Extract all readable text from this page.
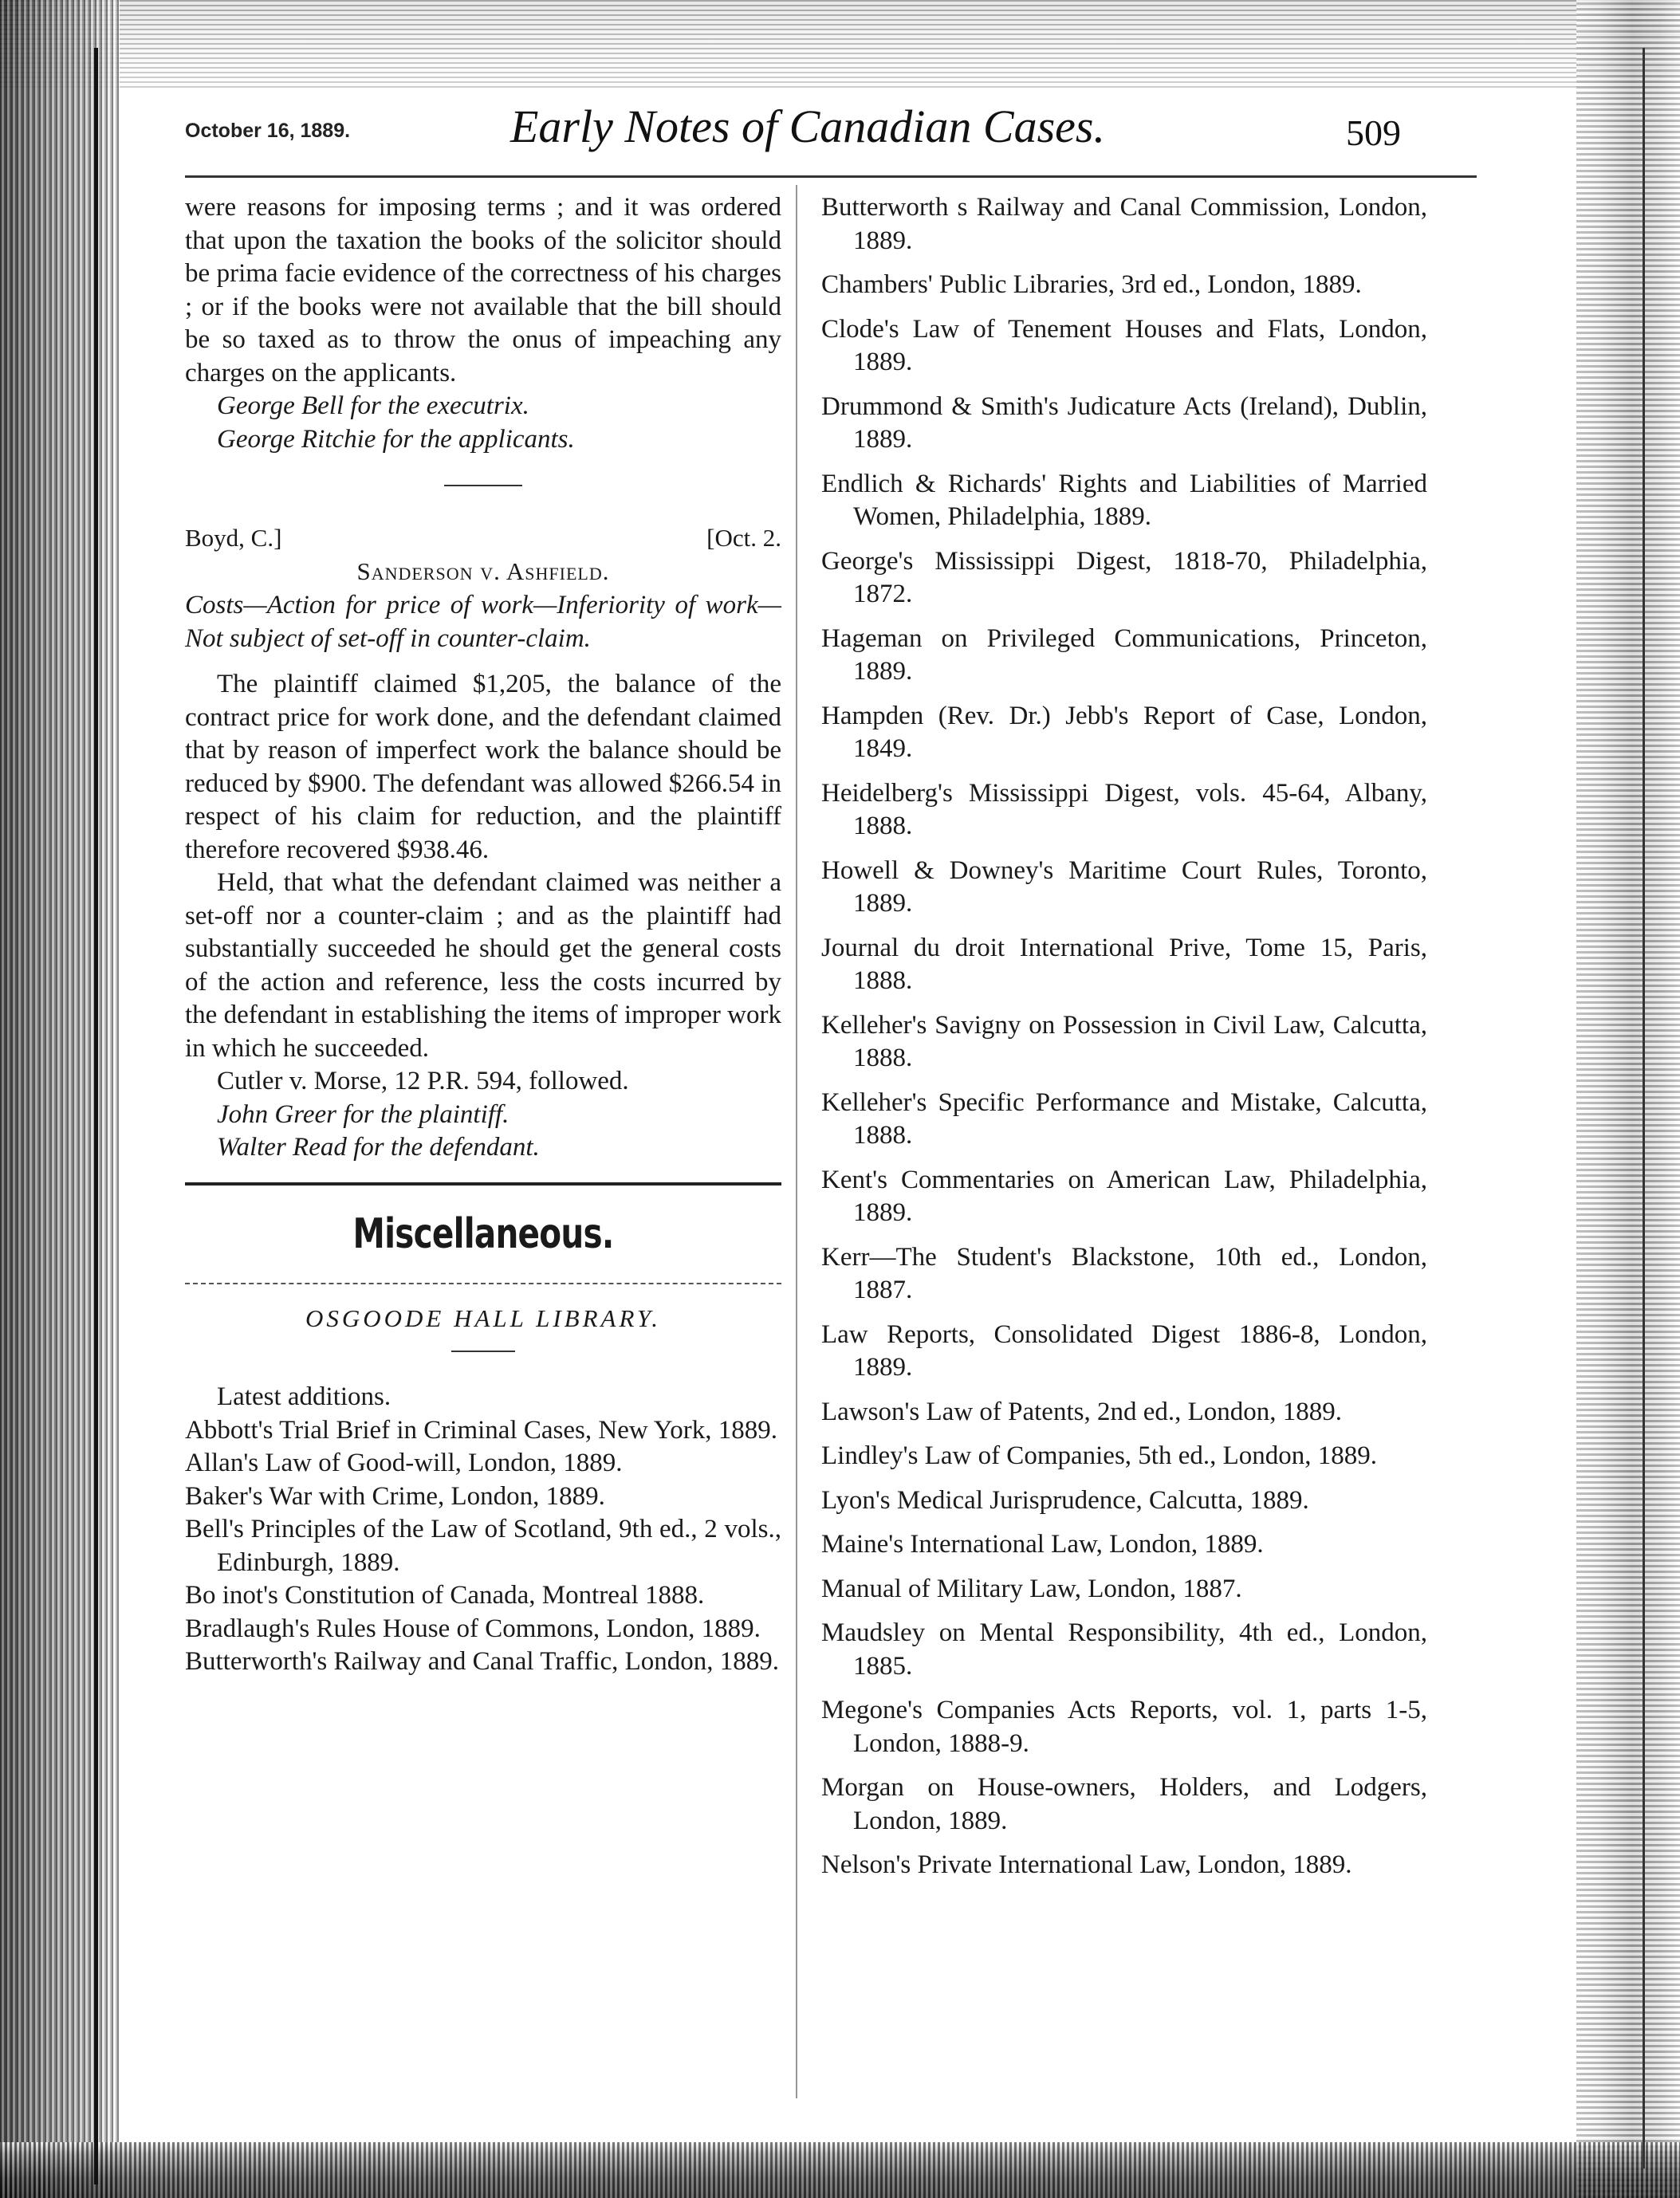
October 16, 1889.	Early Notes of Canadian Cases.	509

were reasons for imposing terms ; and it was ordered that upon the taxation the books of the solicitor should be prima facie evidence of the correctness of his charges ; or if the books were not available that the bill should be so taxed as to throw the onus of impeaching any charges on the applicants.

George Bell for the executrix.

George Ritchie for the applicants.

Boyd, C.]	[Oct. 2.

Sanderson v. Ashfield.

Costs—Action for price of work—Inferiority of work—Not subject of set-off in counter-claim.

The plaintiff claimed $1,205, the balance of the contract price for work done, and the defendant claimed that by reason of imperfect work the balance should be reduced by $900. The defendant was allowed $266.54 in respect of his claim for reduction, and the plaintiff therefore recovered $938.46.

Held, that what the defendant claimed was neither a set-off nor a counter-claim ; and as the plaintiff had substantially succeeded he should get the general costs of the action and reference, less the costs incurred by the defendant in establishing the items of improper work in which he succeeded.

Cutler v. Morse, 12 P.R. 594, followed.

John Greer for the plaintiff.

Walter Read for the defendant.

Miscellaneous.

OSGOODE HALL LIBRARY.

Latest additions.

Abbott's Trial Brief in Criminal Cases, New York, 1889.

Allan's Law of Good-will, London, 1889.

Baker's War with Crime, London, 1889.

Bell's Principles of the Law of Scotland, 9th ed., 2 vols., Edinburgh, 1889.

Bo inot's Constitution of Canada, Montreal 1888.

Bradlaugh's Rules House of Commons, London, 1889.

Butterworth's Railway and Canal Traffic, London, 1889.

Butterworth s Railway and Canal Commission, London, 1889.

Chambers' Public Libraries, 3rd ed., London, 1889.

Clode's Law of Tenement Houses and Flats, London, 1889.

Drummond & Smith's Judicature Acts (Ireland), Dublin, 1889.

Endlich & Richards' Rights and Liabilities of Married Women, Philadelphia, 1889.

George's Mississippi Digest, 1818-70, Philadelphia, 1872.

Hageman on Privileged Communications, Princeton, 1889.

Hampden (Rev. Dr.) Jebb's Report of Case, London, 1849.

Heidelberg's Mississippi Digest, vols. 45-64, Albany, 1888.

Howell & Downey's Maritime Court Rules, Toronto, 1889.

Journal du droit International Prive, Tome 15, Paris, 1888.

Kelleher's Savigny on Possession in Civil Law, Calcutta, 1888.

Kelleher's Specific Performance and Mistake, Calcutta, 1888.

Kent's Commentaries on American Law, Philadelphia, 1889.

Kerr—The Student's Blackstone, 10th ed., London, 1887.

Law Reports, Consolidated Digest 1886-8, London, 1889.

Lawson's Law of Patents, 2nd ed., London, 1889.

Lindley's Law of Companies, 5th ed., London, 1889.

Lyon's Medical Jurisprudence, Calcutta, 1889.

Maine's International Law, London, 1889.

Manual of Military Law, London, 1887.

Maudsley on Mental Responsibility, 4th ed., London, 1885.

Megone's Companies Acts Reports, vol. 1, parts 1-5, London, 1888-9.

Morgan on House-owners, Holders, and Lodgers, London, 1889.

Nelson's Private International Law, London, 1889.
